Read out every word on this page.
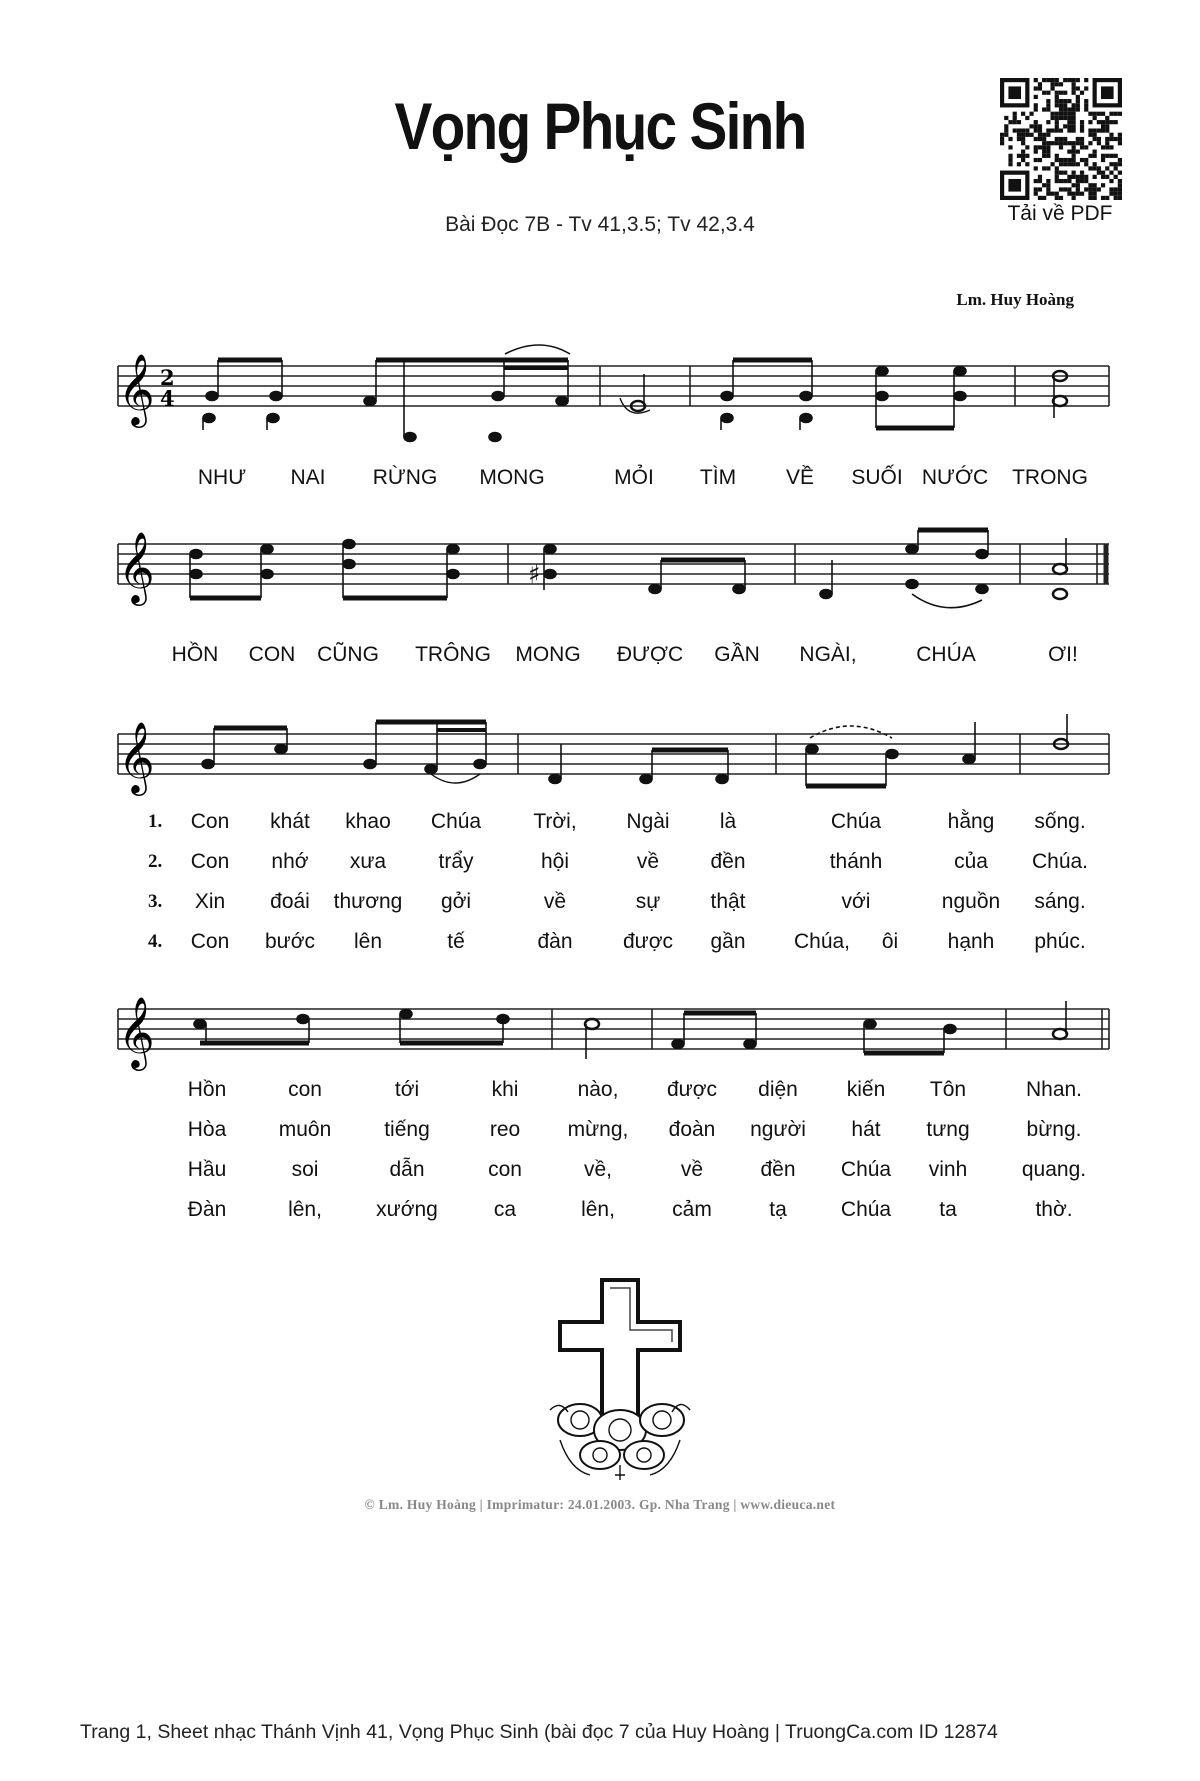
Vọng Phục Sinh
Bài Đọc 7B - Tv 41,3.5; Tv 42,3.4
Lm. Huy Hoàng
Tải về PDF
𝄞 2
4
NHƯ NAI RỪNG MONG	MỎI TÌM VỀ SUỐI NƯỚC TRONG
𝄞	♯
HỒN CON CŨNG TRÔNG MONG ĐƯỢC GẦN NGÀI,	CHÚA	ƠI!
𝄞
1. Con khát khao Chúa Trời, Ngài là	Chúa	hằng sống.
2. Con nhớ xưa trẩy	hội	về đền	thánh	của Chúa.
3. Xin đoái thương gởi	về	sự thật	với	nguồn sáng.
4. Con bước lên	tế	đàn được gần Chúa, ôi hạnh phúc.
𝄞
Hồn	con	tới	khi	nào, được diện kiến Tôn	Nhan.
Hòa muôn	tiếng	reo mừng, đoàn người hát tưng	bừng.
Hầu	soi	dẫn	con	về,	về	đền Chúa vinh	quang.
Đàn	lên,	xướng	ca	lên,	cảm	tạ	Chúa ta	thờ.
© Lm. Huy Hoàng | Imprimatur: 24.01.2003. Gp. Nha Trang | www.dieuca.net
Trang 1, Sheet nhạc Thánh Vịnh 41, Vọng Phục Sinh (bài đọc 7 của Huy Hoàng | TruongCa.com ID 12874
